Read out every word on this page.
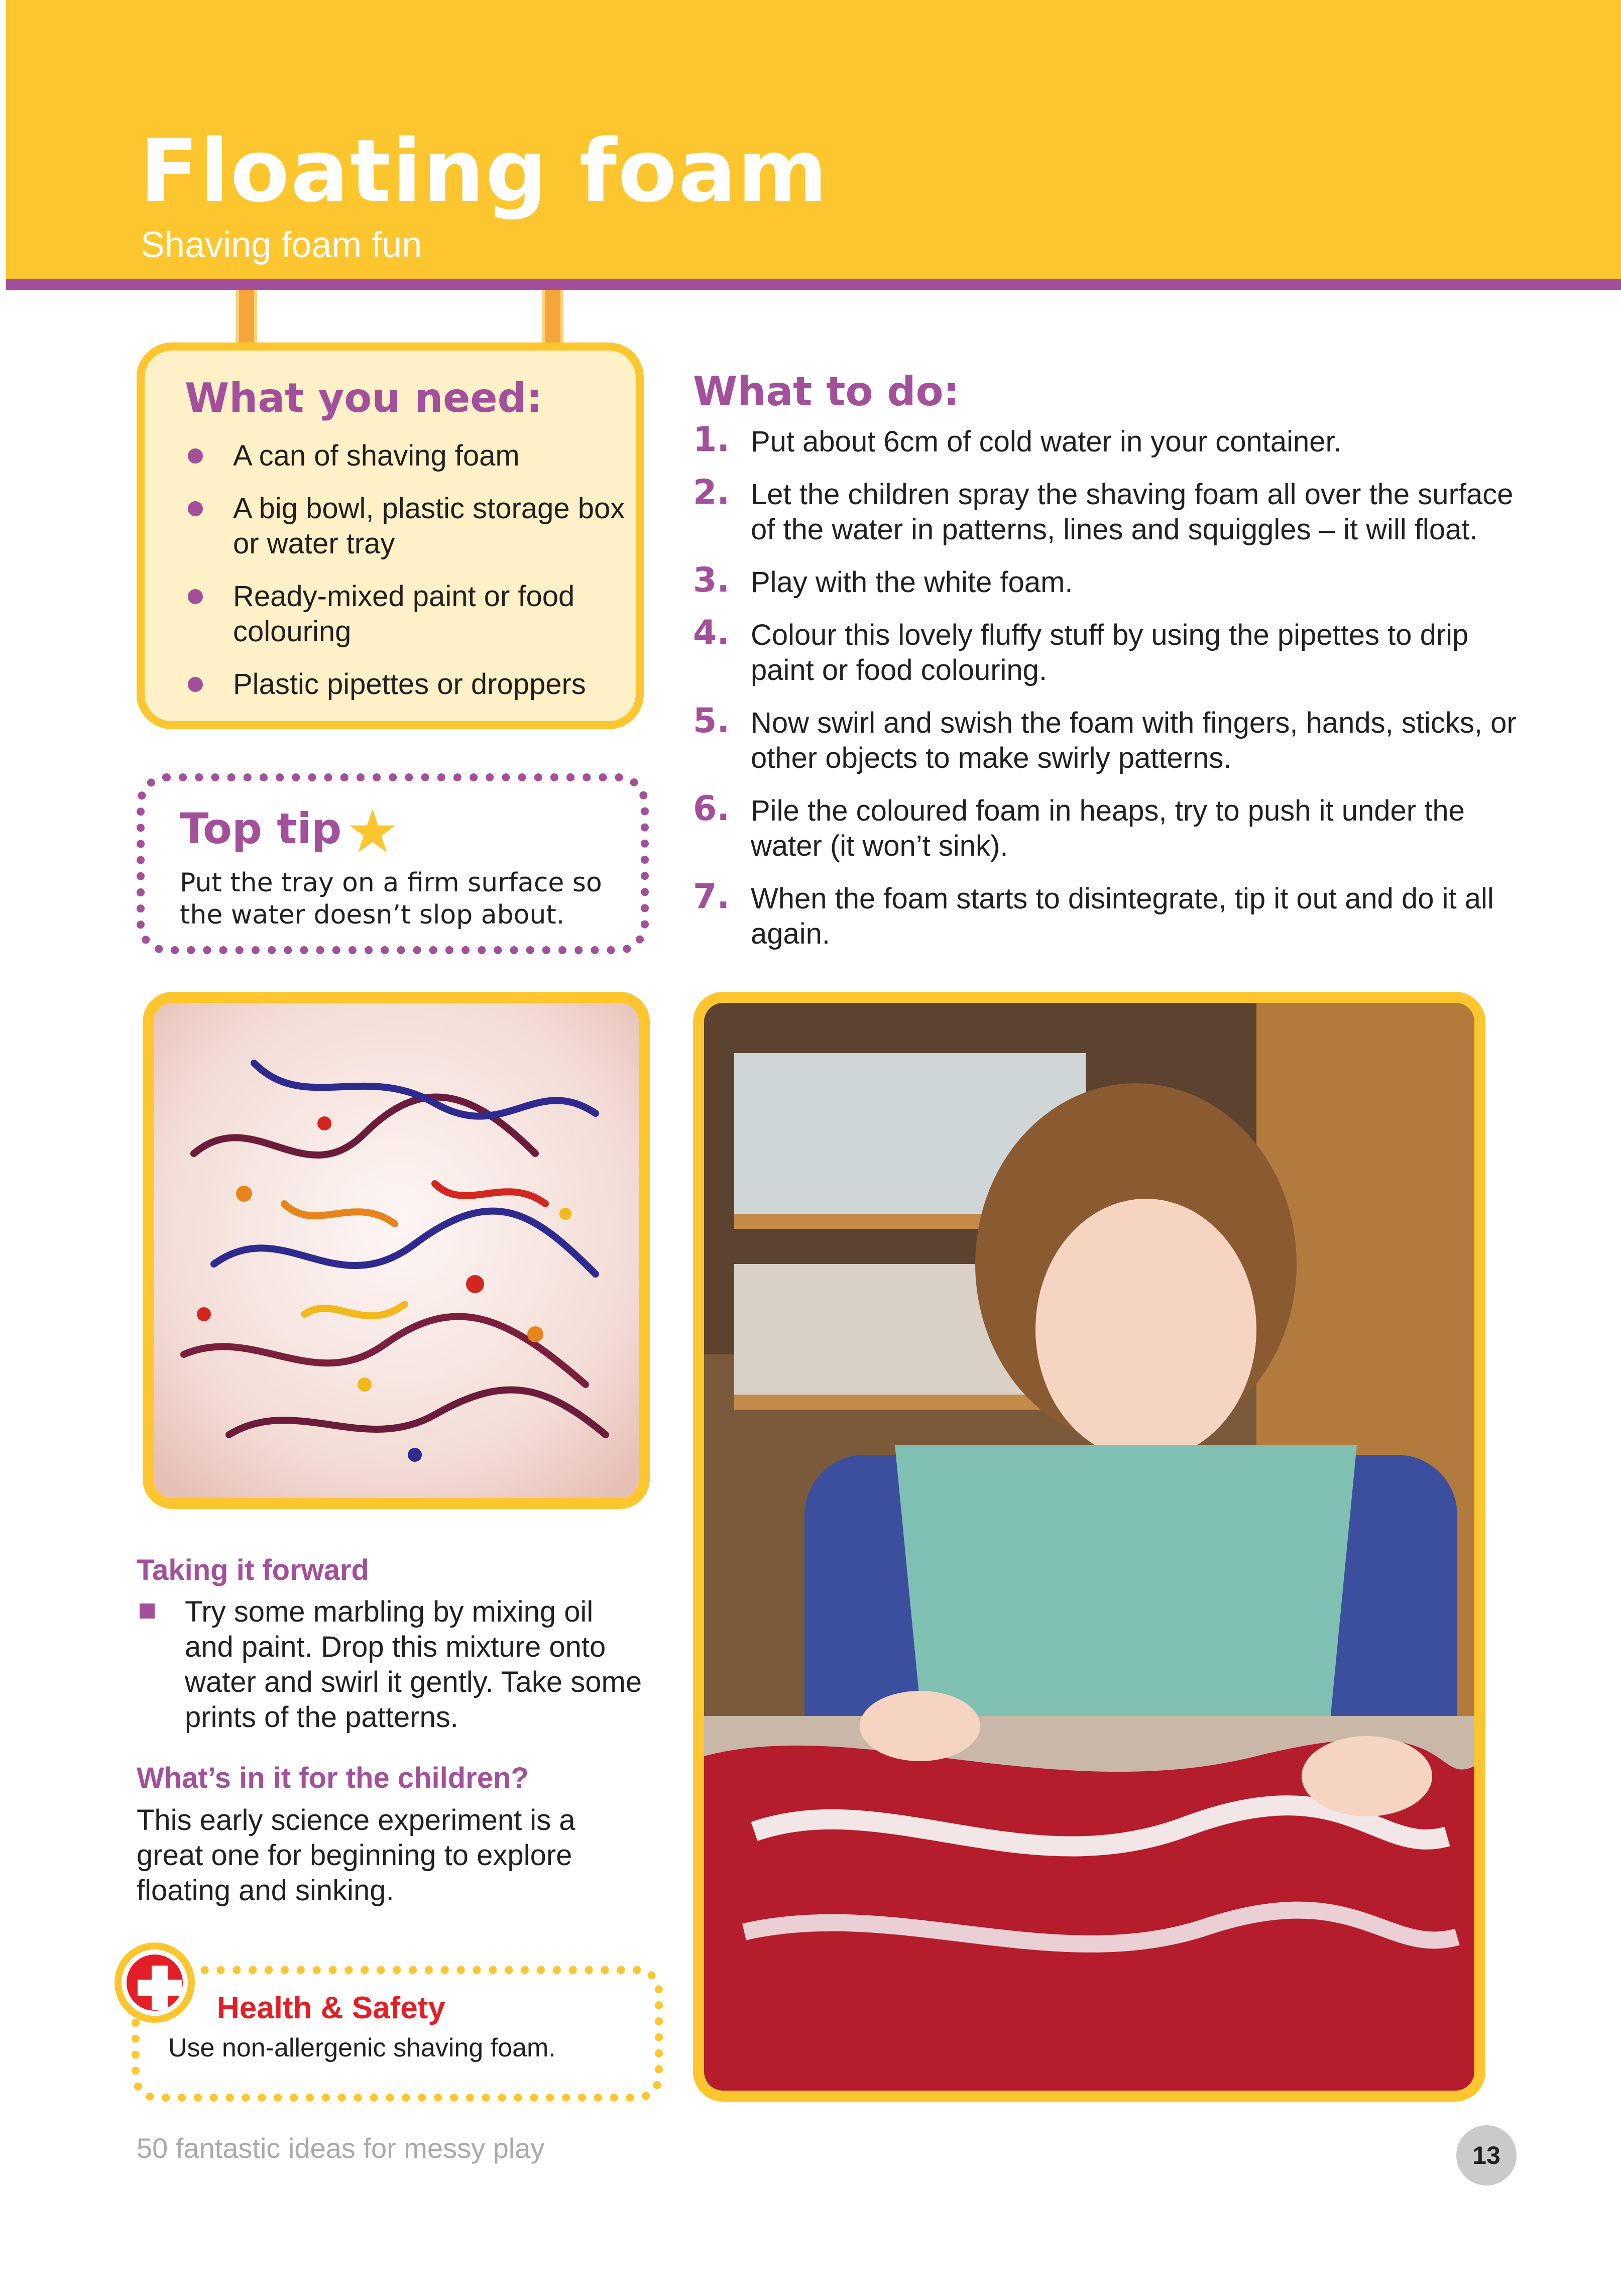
Floating foam
Shaving foam fun
What you need:
A can of shaving foam
A big bowl, plastic storage box or water tray
Ready-mixed paint or food colouring
Plastic pipettes or droppers
What to do:
1. Put about 6cm of cold water in your container.
2. Let the children spray the shaving foam all over the surface of the water in patterns, lines and squiggles – it will float.
3. Play with the white foam.
4. Colour this lovely fluffy stuff by using the pipettes to drip paint or food colouring.
5. Now swirl and swish the foam with fingers, hands, sticks, or other objects to make swirly patterns.
6. Pile the coloured foam in heaps, try to push it under the water (it won’t sink).
7. When the foam starts to disintegrate, tip it out and do it all again.
Top tip ★
Put the tray on a firm surface so the water doesn’t slop about.
Taking it forward
Try some marbling by mixing oil and paint. Drop this mixture onto water and swirl it gently. Take some prints of the patterns.
What’s in it for the children?
This early science experiment is a great one for beginning to explore floating and sinking.
Health & Safety
Use non-allergenic shaving foam.
50 fantastic ideas for messy play	13
